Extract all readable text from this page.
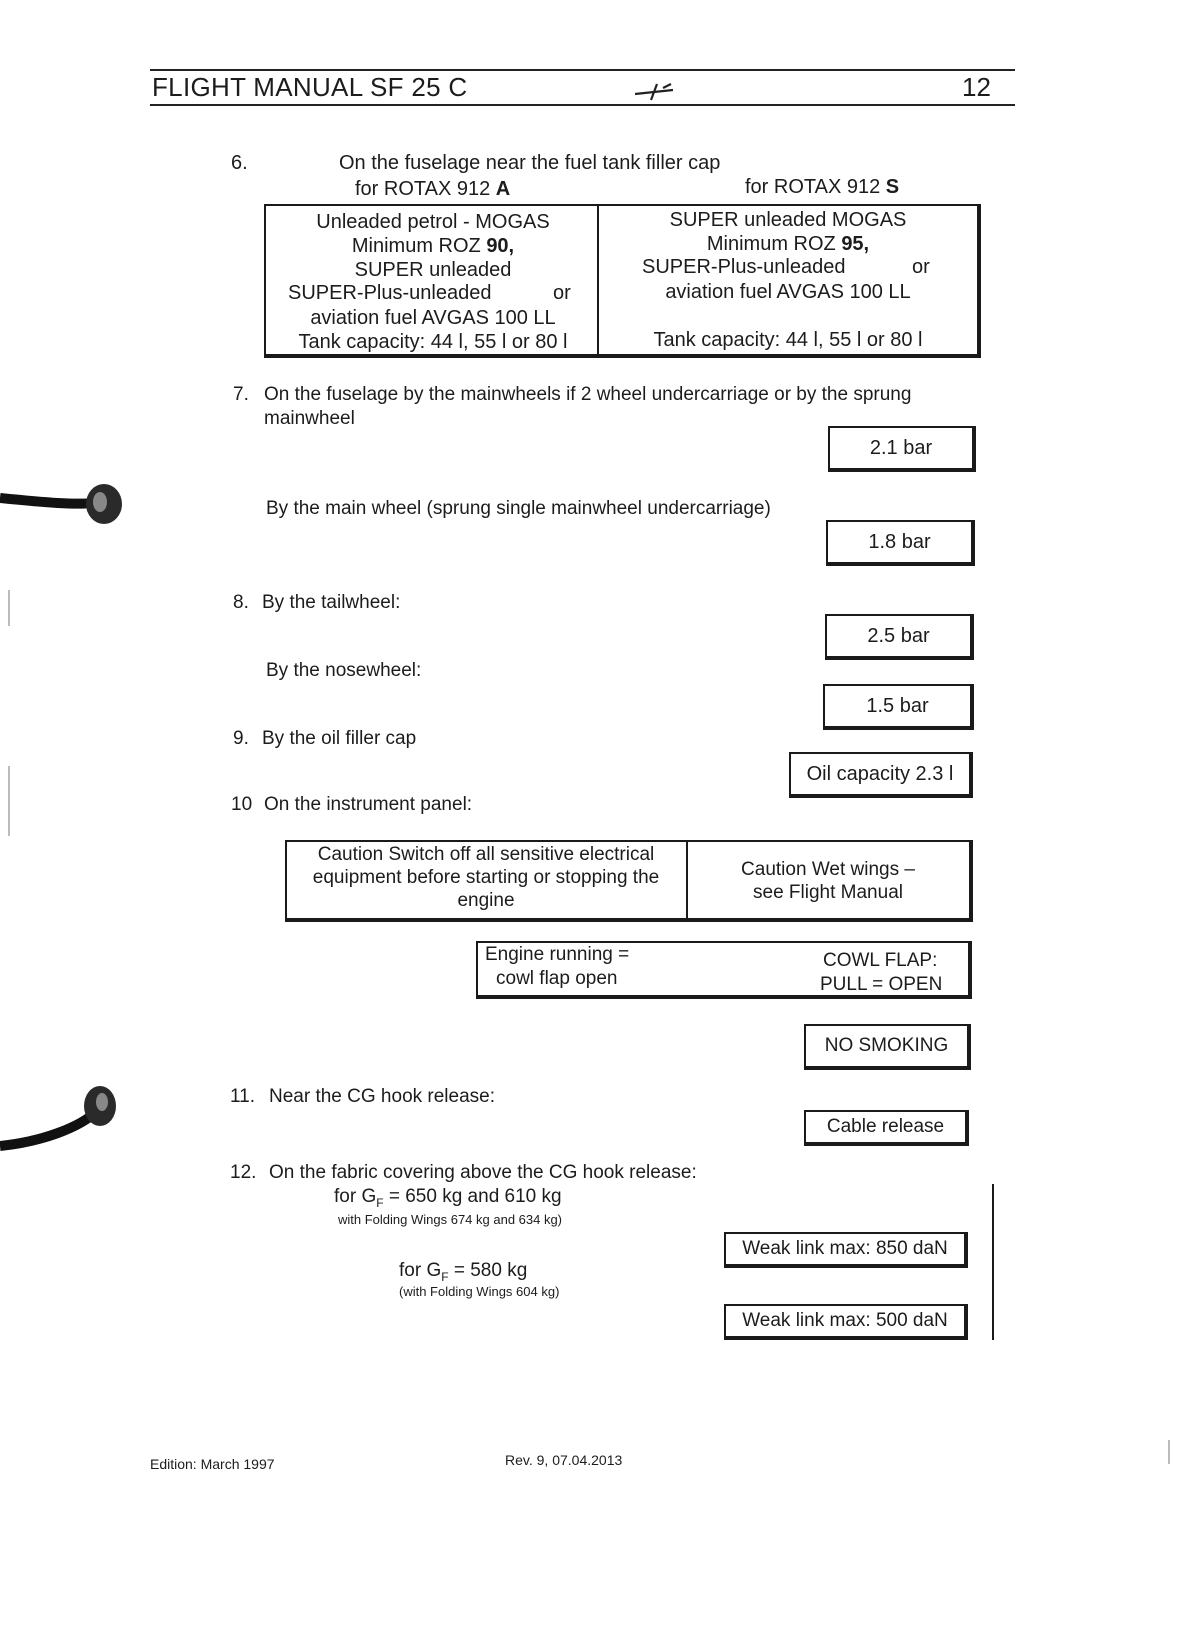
FLIGHT MANUAL SF 25 C	12
6.	On the fuselage near the fuel tank filler cap
for ROTAX 912 A	for ROTAX 912 S
Unleaded petrol - MOGAS
Minimum ROZ 90,
SUPER unleaded
SUPER-Plus-unleaded	or
aviation fuel AVGAS 100 LL
Tank capacity: 44 l, 55 l or 80 l
SUPER unleaded MOGAS
Minimum ROZ 95,
SUPER-Plus-unleaded	or
aviation fuel AVGAS 100 LL
Tank capacity: 44 l, 55 l or 80 l
7. On the fuselage by the mainwheels if 2 wheel undercarriage or by the sprung
mainwheel
2.1 bar
By the main wheel (sprung single mainwheel undercarriage)
1.8 bar
8. By the tailwheel:
2.5 bar
By the nosewheel:
1.5 bar
9. By the oil filler cap
Oil capacity 2.3 l
10 On the instrument panel:
Caution Switch off all sensitive electrical
equipment before starting or stopping the
engine
Caution Wet wings –
see Flight Manual
Engine running =
cowl flap open
COWL FLAP:
PULL = OPEN
NO SMOKING
11. Near the CG hook release:
Cable release
12. On the fabric covering above the CG hook release:
for $G_F = 650$ kg and 610 kg
with Folding Wings 674 kg and 634 kg)
Weak link max: 850 daN
for $G_F = 580$ kg
(with Folding Wings 604 kg)
Weak link max: 500 daN
Edition: March 1997	Rev. 9, 07.04.2013
